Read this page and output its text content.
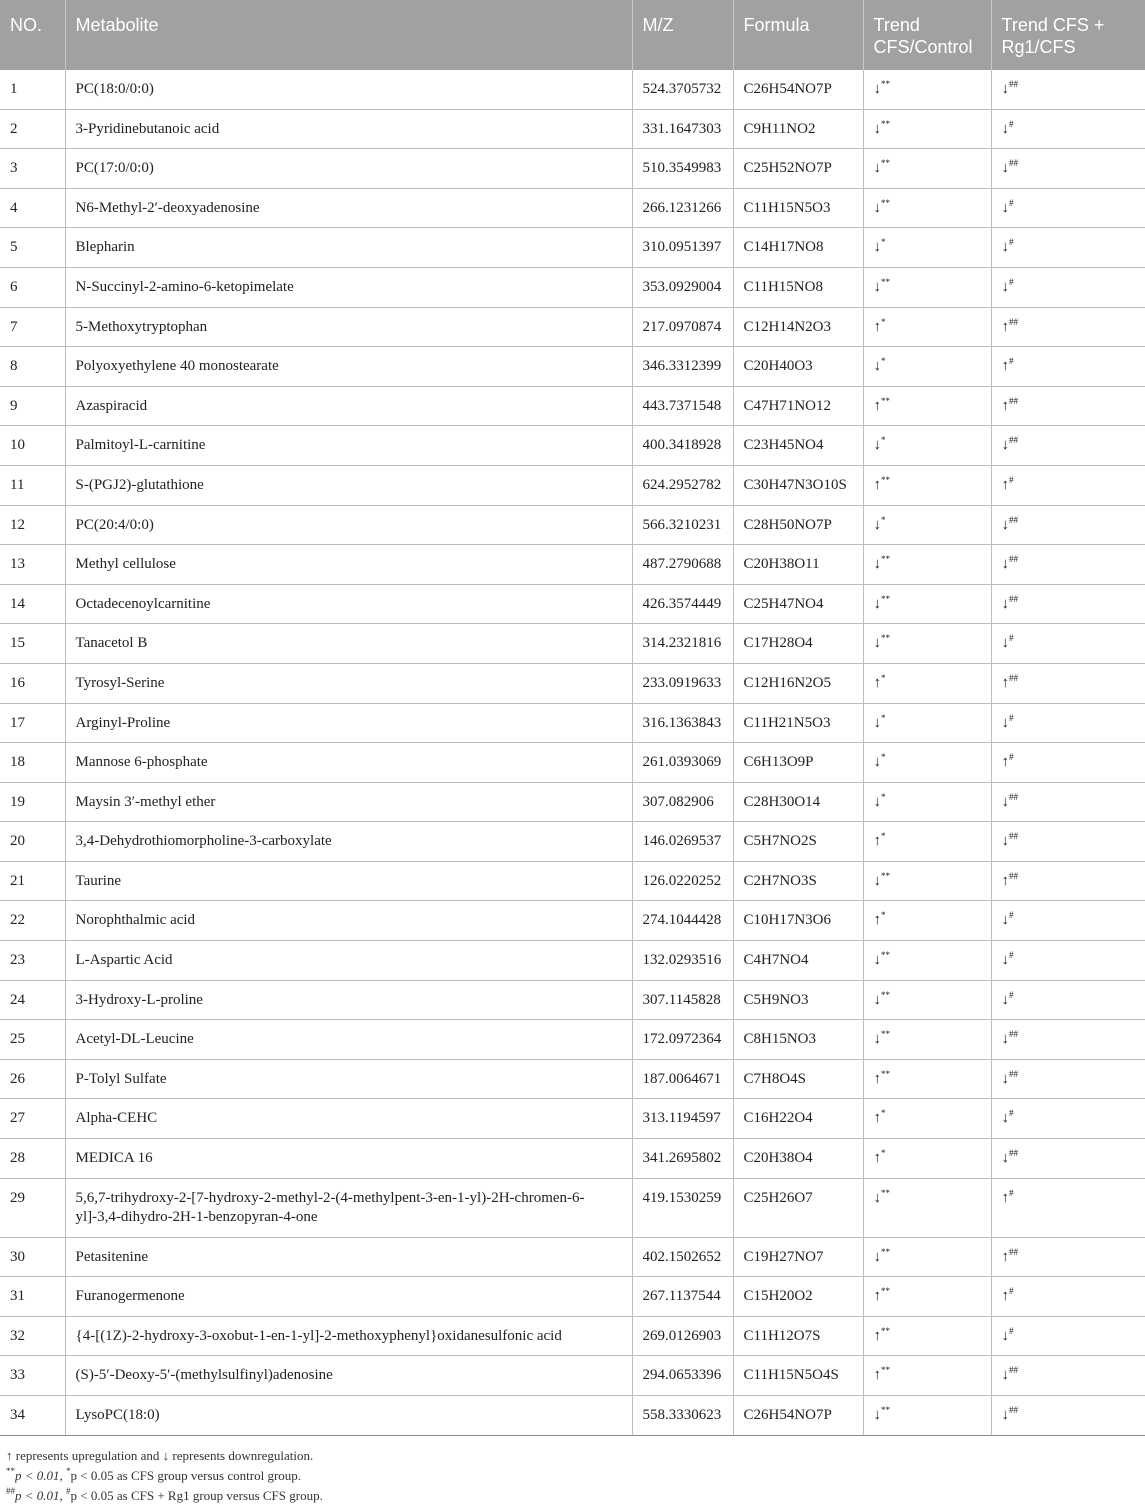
NO.	Metabolite	M/Z	Formula	Trend CFS/Control	Trend CFS + Rg1/CFS
1	PC(18:0/0:0)	524.3705732	C26H54NO7P	↓**	↓##
2	3-Pyridinebutanoic acid	331.1647303	C9H11NO2	↓**	↓#
3	PC(17:0/0:0)	510.3549983	C25H52NO7P	↓**	↓##
4	N6-Methyl-2′-deoxyadenosine	266.1231266	C11H15N5O3	↓**	↓#
5	Blepharin	310.0951397	C14H17NO8	↓*	↓#
6	N-Succinyl-2-amino-6-ketopimelate	353.0929004	C11H15NO8	↓**	↓#
7	5-Methoxytryptophan	217.0970874	C12H14N2O3	↑*	↑##
8	Polyoxyethylene 40 monostearate	346.3312399	C20H40O3	↓*	↑#
9	Azaspiracid	443.7371548	C47H71NO12	↑**	↑##
10	Palmitoyl-L-carnitine	400.3418928	C23H45NO4	↓*	↓##
11	S-(PGJ2)-glutathione	624.2952782	C30H47N3O10S	↑**	↑#
12	PC(20:4/0:0)	566.3210231	C28H50NO7P	↓*	↓##
13	Methyl cellulose	487.2790688	C20H38O11	↓**	↓##
14	Octadecenoylcarnitine	426.3574449	C25H47NO4	↓**	↓##
15	Tanacetol B	314.2321816	C17H28O4	↓**	↓#
16	Tyrosyl-Serine	233.0919633	C12H16N2O5	↑*	↑##
17	Arginyl-Proline	316.1363843	C11H21N5O3	↓*	↓#
18	Mannose 6-phosphate	261.0393069	C6H13O9P	↓*	↑#
19	Maysin 3′-methyl ether	307.082906	C28H30O14	↓*	↓##
20	3,4-Dehydrothiomorpholine-3-carboxylate	146.0269537	C5H7NO2S	↑*	↓##
21	Taurine	126.0220252	C2H7NO3S	↓**	↑##
22	Norophthalmic acid	274.1044428	C10H17N3O6	↑*	↓#
23	L-Aspartic Acid	132.0293516	C4H7NO4	↓**	↓#
24	3-Hydroxy-L-proline	307.1145828	C5H9NO3	↓**	↓#
25	Acetyl-DL-Leucine	172.0972364	C8H15NO3	↓**	↓##
26	P-Tolyl Sulfate	187.0064671	C7H8O4S	↑**	↓##
27	Alpha-CEHC	313.1194597	C16H22O4	↑*	↓#
28	MEDICA 16	341.2695802	C20H38O4	↑*	↓##
29	5,6,7-trihydroxy-2-[7-hydroxy-2-methyl-2-(4-methylpent-3-en-1-yl)-2H-chromen-6-yl]-3,4-dihydro-2H-1-benzopyran-4-one	419.1530259	C25H26O7	↓**	↑#
30	Petasitenine	402.1502652	C19H27NO7	↓**	↑##
31	Furanogermenone	267.1137544	C15H20O2	↑**	↑#
32	{4-[(1Z)-2-hydroxy-3-oxobut-1-en-1-yl]-2-methoxyphenyl}oxidanesulfonic acid	269.0126903	C11H12O7S	↑**	↓#
33	(S)-5′-Deoxy-5′-(methylsulfinyl)adenosine	294.0653396	C11H15N5O4S	↑**	↓##
34	LysoPC(18:0)	558.3330623	C26H54NO7P	↓**	↓##
↑ represents upregulation and ↓ represents downregulation.
**p < 0.01, *p < 0.05 as CFS group versus control group.
##p < 0.01, #p < 0.05 as CFS + Rg1 group versus CFS group.
